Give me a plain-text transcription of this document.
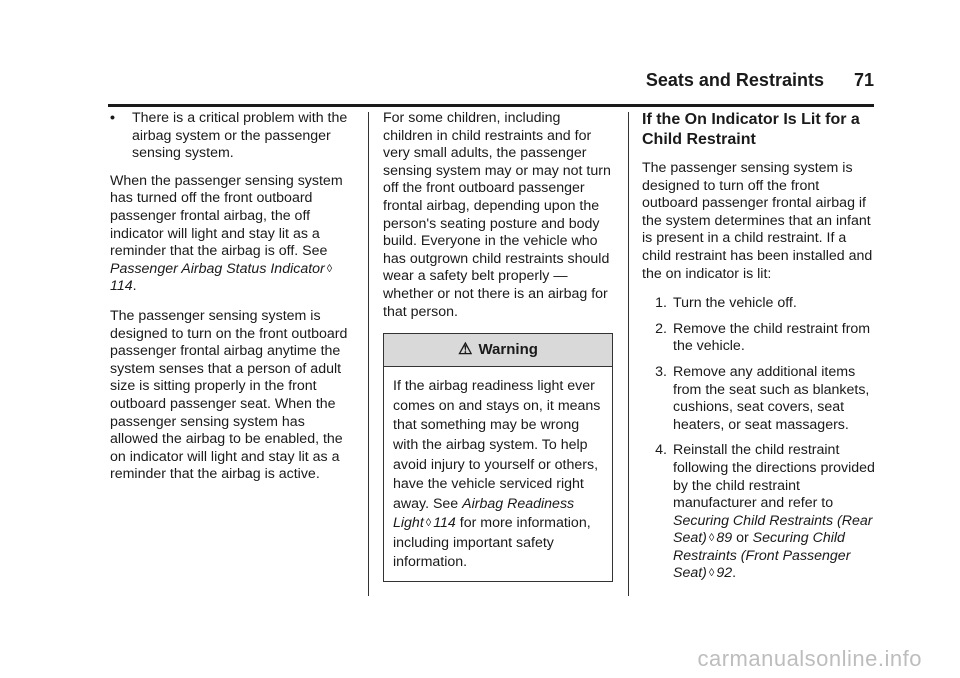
Seats and Restraints 71
•	There is a critical problem with the airbag system or the passenger sensing system.

When the passenger sensing system has turned off the front outboard passenger frontal airbag, the off indicator will light and stay lit as a reminder that the airbag is off. See Passenger Airbag Status Indicator ◊114.

The passenger sensing system is designed to turn on the front outboard passenger frontal airbag anytime the system senses that a person of adult size is sitting properly in the front outboard passenger seat. When the passenger sensing system has allowed the airbag to be enabled, the on indicator will light and stay lit as a reminder that the airbag is active.

For some children, including children in child restraints and for very small adults, the passenger sensing system may or may not turn off the front outboard passenger frontal airbag, depending upon the person's seating posture and body build. Everyone in the vehicle who has outgrown child restraints should wear a safety belt properly — whether or not there is an airbag for that person.

⚠ Warning
If the airbag readiness light ever comes on and stays on, it means that something may be wrong with the airbag system. To help avoid injury to yourself or others, have the vehicle serviced right away. See Airbag Readiness Light ◊ 114 for more information, including important safety information.
If the On Indicator Is Lit for a Child Restraint

The passenger sensing system is designed to turn off the front outboard passenger frontal airbag if the system determines that an infant is present in a child restraint. If a child restraint has been installed and the on indicator is lit:

1. Turn the vehicle off.
2. Remove the child restraint from the vehicle.
3. Remove any additional items from the seat such as blankets, cushions, seat covers, seat heaters, or seat massagers.
4. Reinstall the child restraint following the directions provided by the child restraint manufacturer and refer to Securing Child Restraints (Rear Seat) ◊ 89 or Securing Child Restraints (Front Passenger Seat) ◊ 92.
carmanualsonline.info
